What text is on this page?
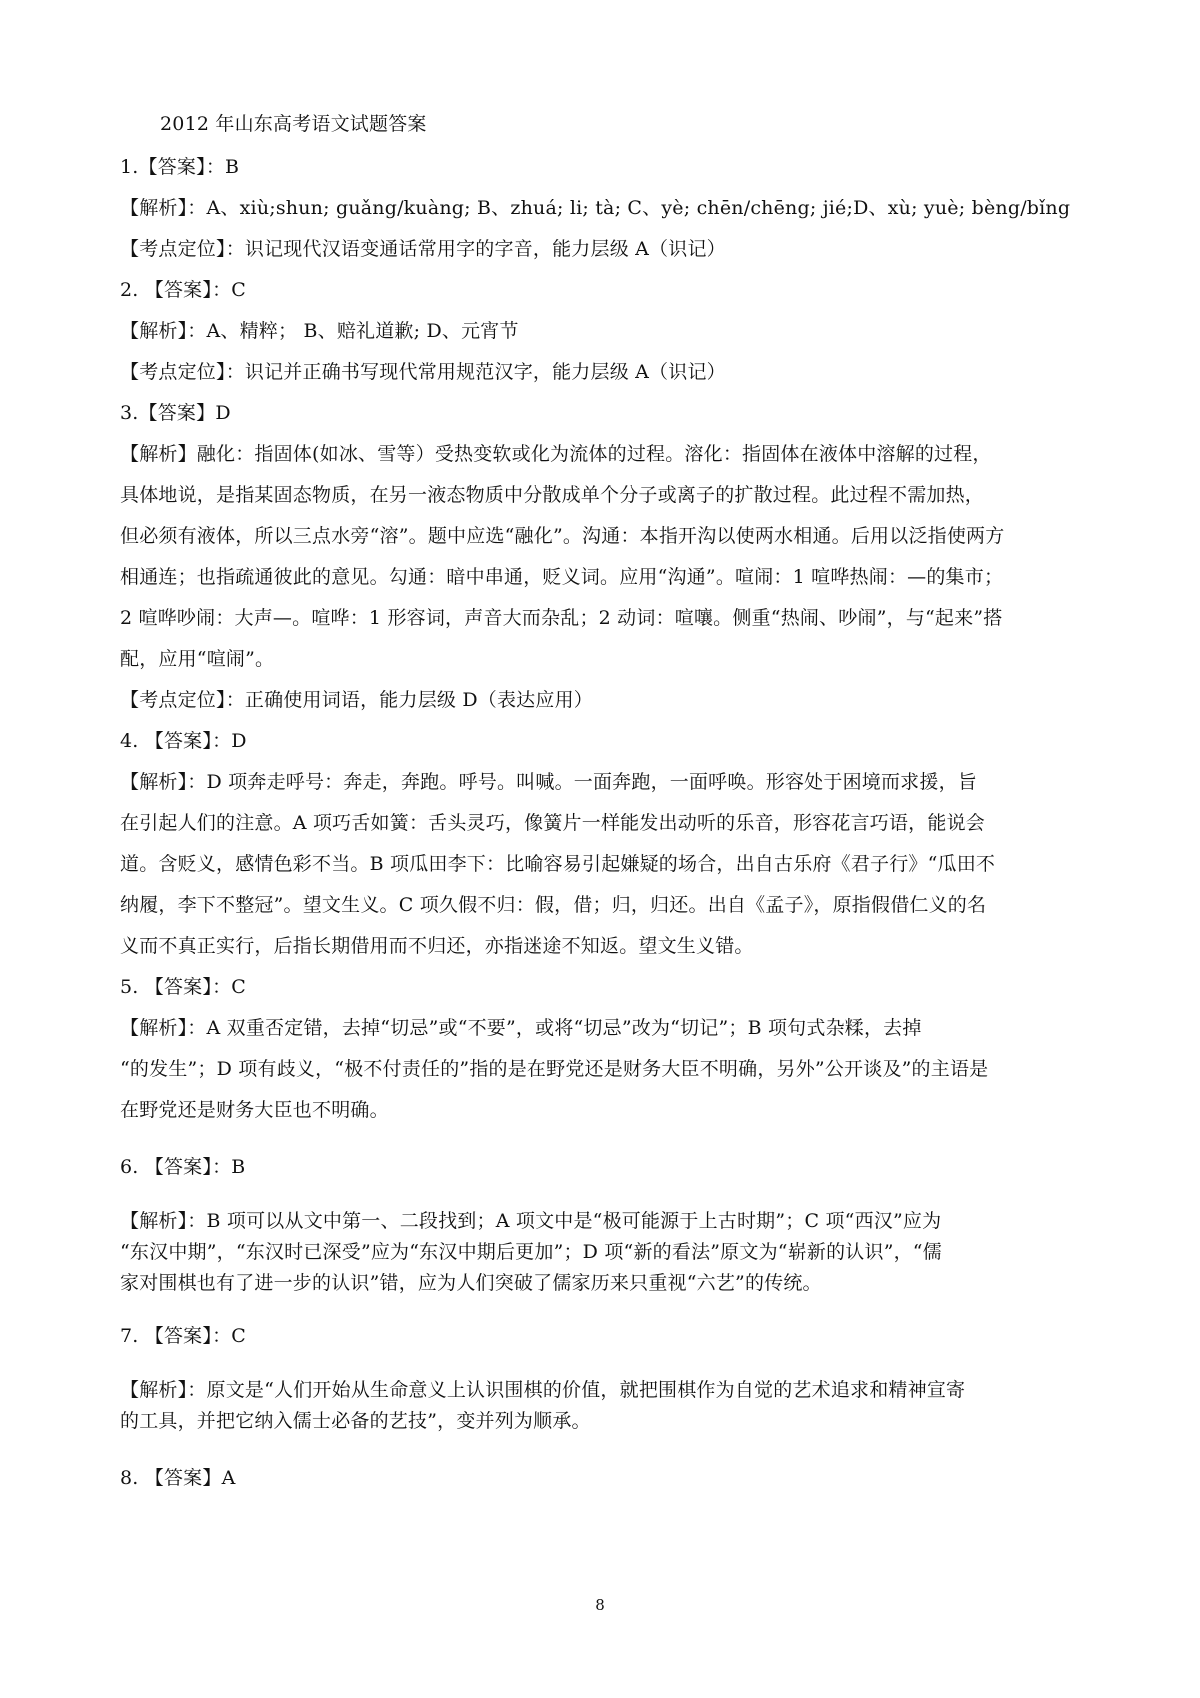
2012 年山东高考语文试题答案
1.【答案】：B
【解析】：A、xiù;shun; guǎng/kuàng; B、zhuá; li; tà; C、yè; chēn/chēng; jié;D、xù; yuè; bèng/bǐng
【考点定位】：识记现代汉语变通话常用字的字音，能力层级 A（识记）
2. 【答案】：C
【解析】：A、精粹； B、赔礼道歉; D、元宵节
【考点定位】：识记并正确书写现代常用规范汉字，能力层级 A（识记）
3.【答案】D
【解析】融化：指固体(如冰、雪等）受热变软或化为流体的过程。溶化：指固体在液体中溶解的过程，
具体地说，是指某固态物质，在另一液态物质中分散成单个分子或离子的扩散过程。此过程不需加热，
但必须有液体，所以三点水旁“溶”。题中应选“融化”。沟通：本指开沟以使两水相通。后用以泛指使两方
相通连；也指疏通彼此的意见。勾通：暗中串通，贬义词。应用“沟通”。喧闹：1 喧哗热闹：—的集市；
2 喧哗吵闹：大声—。喧哗：1 形容词，声音大而杂乱；2 动词：喧嚷。侧重“热闹、吵闹”，与“起来”搭
配，应用“喧闹”。
【考点定位】：正确使用词语，能力层级 D（表达应用）
4. 【答案】：D
【解析】：D 项奔走呼号：奔走，奔跑。呼号。叫喊。一面奔跑，一面呼唤。形容处于困境而求援，旨
在引起人们的注意。A 项巧舌如簧：舌头灵巧，像簧片一样能发出动听的乐音，形容花言巧语，能说会
道。含贬义，感情色彩不当。B 项瓜田李下：比喻容易引起嫌疑的场合，出自古乐府《君子行》“瓜田不
纳履，李下不整冠”。望文生义。C 项久假不归：假，借；归，归还。出自《孟子》，原指假借仁义的名
义而不真正实行，后指长期借用而不归还，亦指迷途不知返。望文生义错。
5. 【答案】：C
【解析】：A 双重否定错，去掉“切忌”或“不要”，或将“切忌”改为“切记”；B 项句式杂糅，去掉
“的发生”；D 项有歧义，“极不付责任的”指的是在野党还是财务大臣不明确，另外”公开谈及”的主语是
在野党还是财务大臣也不明确。
6. 【答案】：B
【解析】：B 项可以从文中第一、二段找到；A 项文中是“极可能源于上古时期”；C 项“西汉”应为
“东汉中期”，“东汉时已深受”应为“东汉中期后更加”；D 项“新的看法”原文为“崭新的认识”，“儒
家对围棋也有了进一步的认识”错，应为人们突破了儒家历来只重视“六艺”的传统。
7. 【答案】：C
【解析】：原文是“人们开始从生命意义上认识围棋的价值，就把围棋作为自觉的艺术追求和精神宣寄
的工具，并把它纳入儒士必备的艺技”，变并列为顺承。
8. 【答案】A
8
